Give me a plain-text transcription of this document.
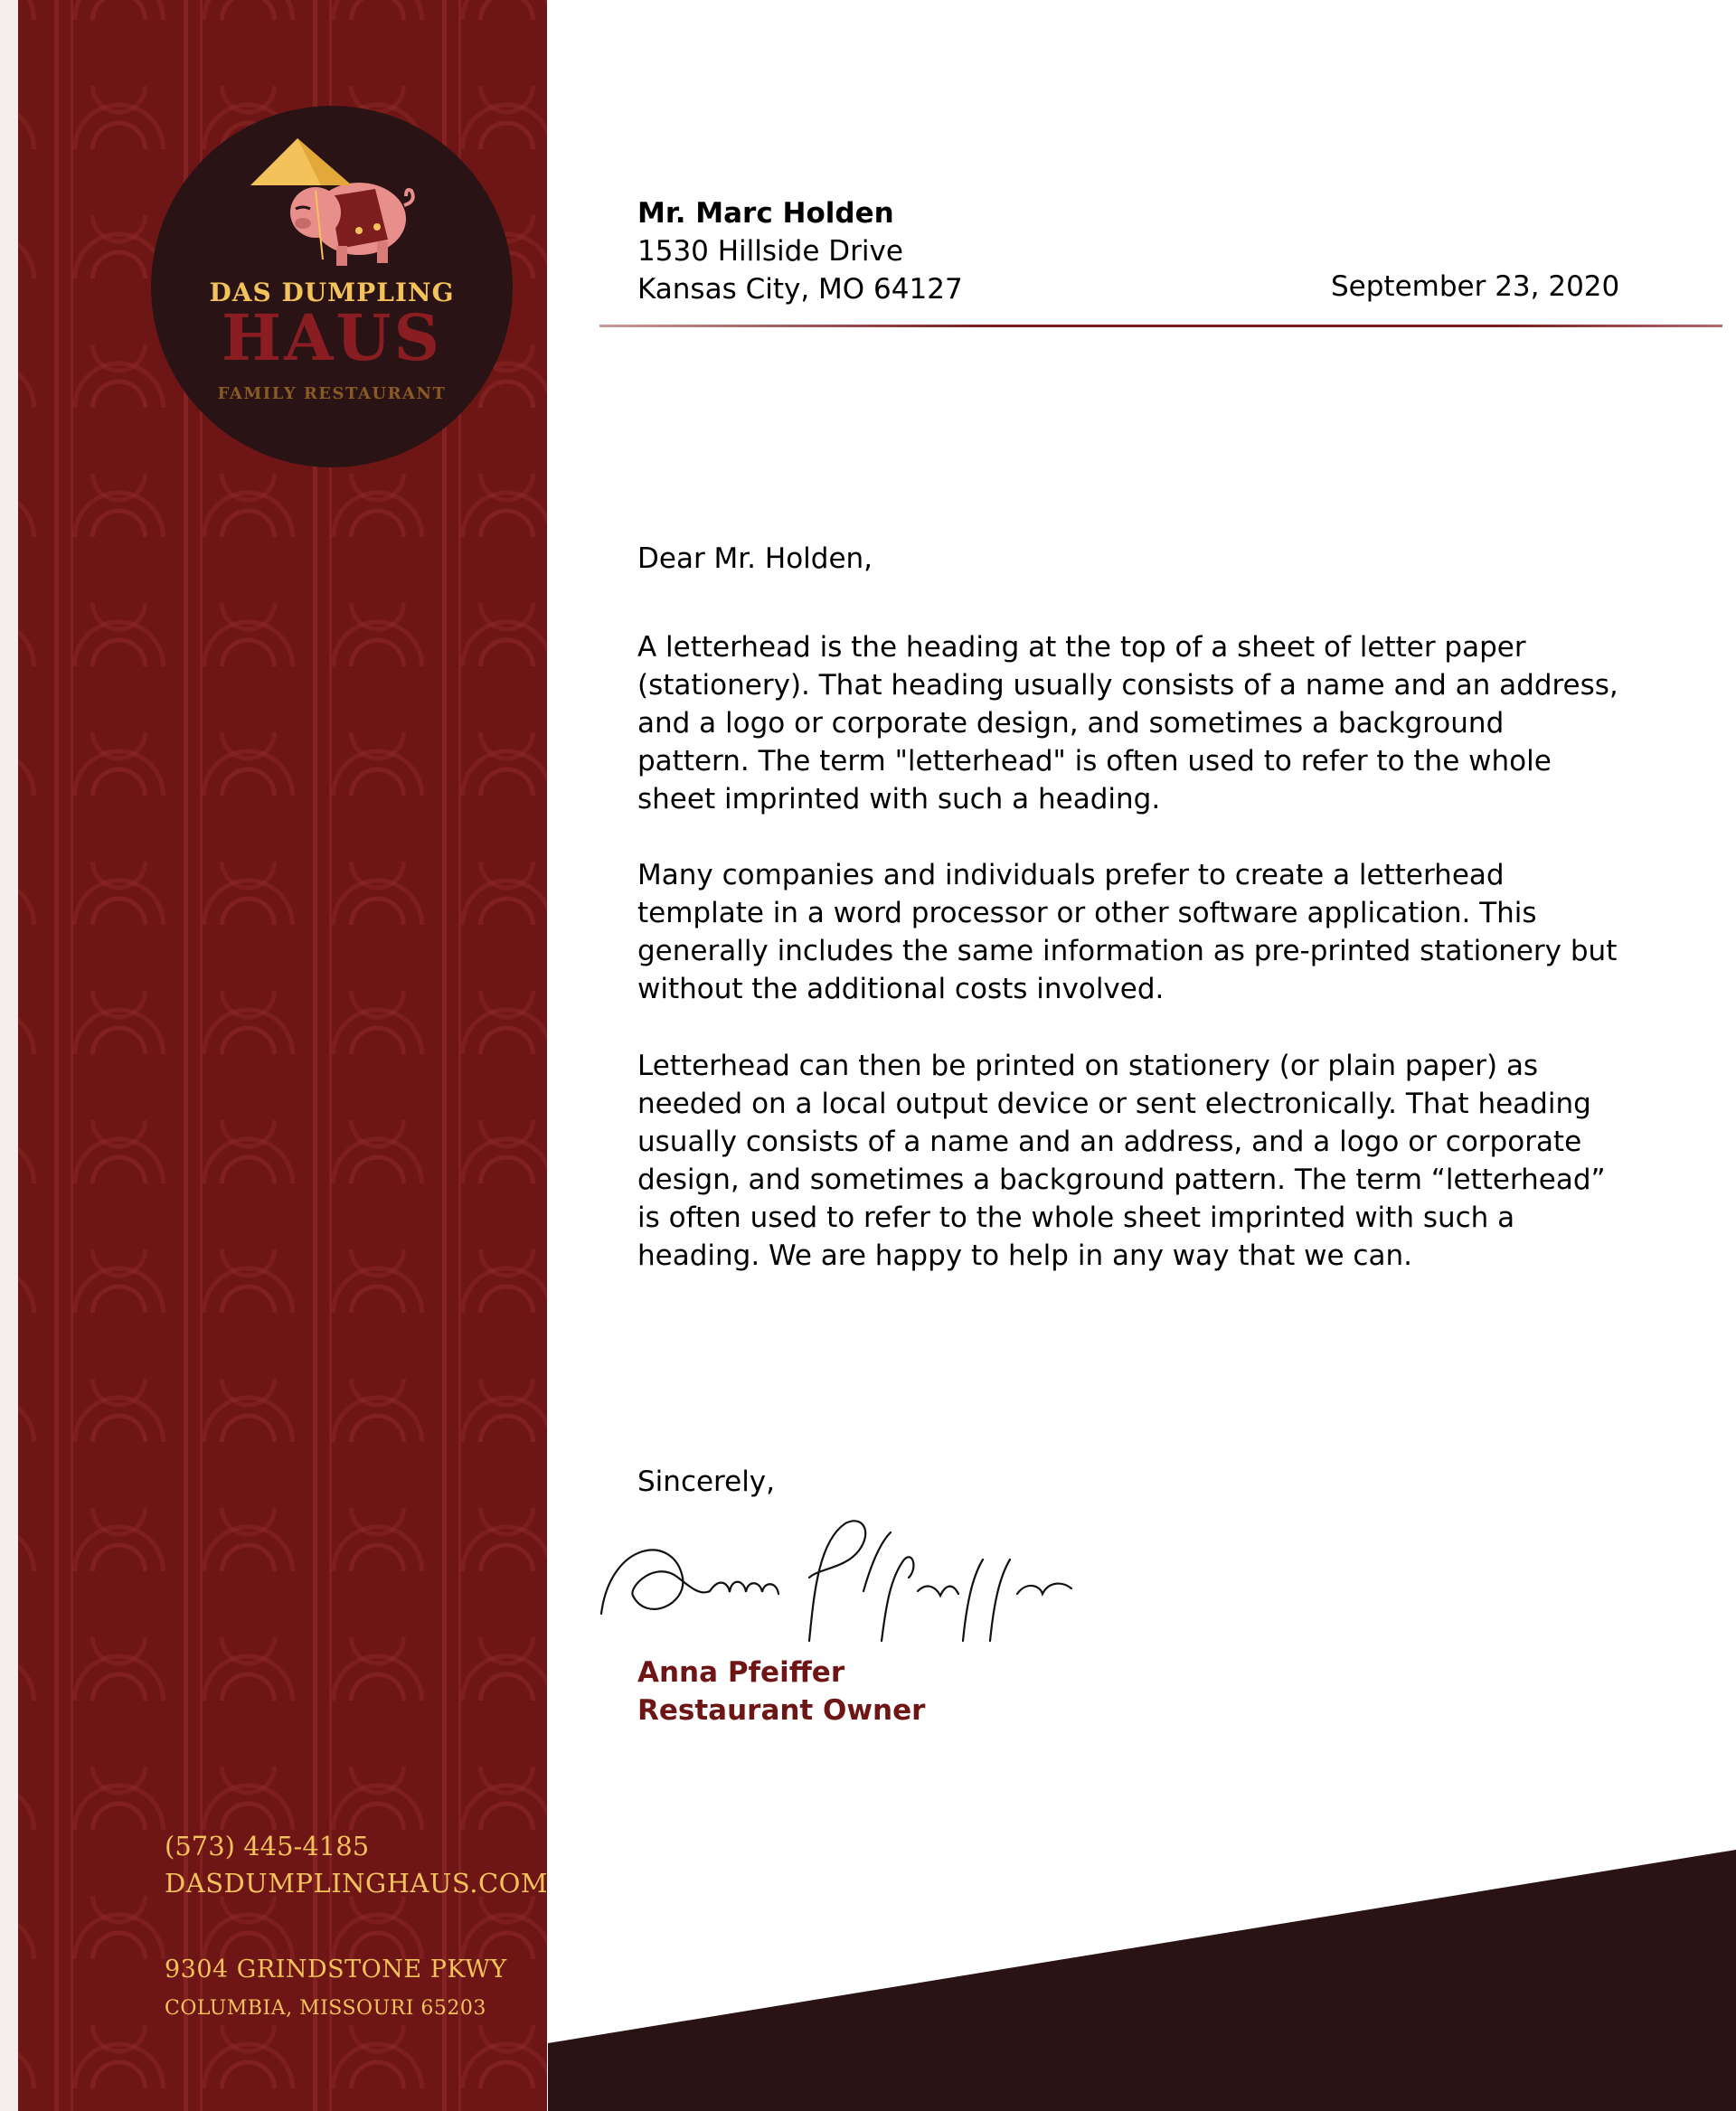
DAS DUMPLING
HAUS
FAMILY RESTAURANT
(573) 445-4185
DASDUMPLINGHAUS.COM
9304 GRINDSTONE PKWY
COLUMBIA, MISSOURI 65203
Mr. Marc Holden
1530 Hillside Drive
Kansas City, MO 64127	September 23, 2020
Dear Mr. Holden,
A letterhead is the heading at the top of a sheet of letter paper
(stationery). That heading usually consists of a name and an address,
and a logo or corporate design, and sometimes a background
pattern. The term "letterhead" is often used to refer to the whole
sheet imprinted with such a heading.
Many companies and individuals prefer to create a letterhead
template in a word processor or other software application. This
generally includes the same information as pre-printed stationery but
without the additional costs involved.
Letterhead can then be printed on stationery (or plain paper) as
needed on a local output device or sent electronically. That heading
usually consists of a name and an address, and a logo or corporate
design, and sometimes a background pattern. The term “letterhead”
is often used to refer to the whole sheet imprinted with such a
heading. We are happy to help in any way that we can.
Sincerely,
Anna Pfeiffer
Restaurant Owner
